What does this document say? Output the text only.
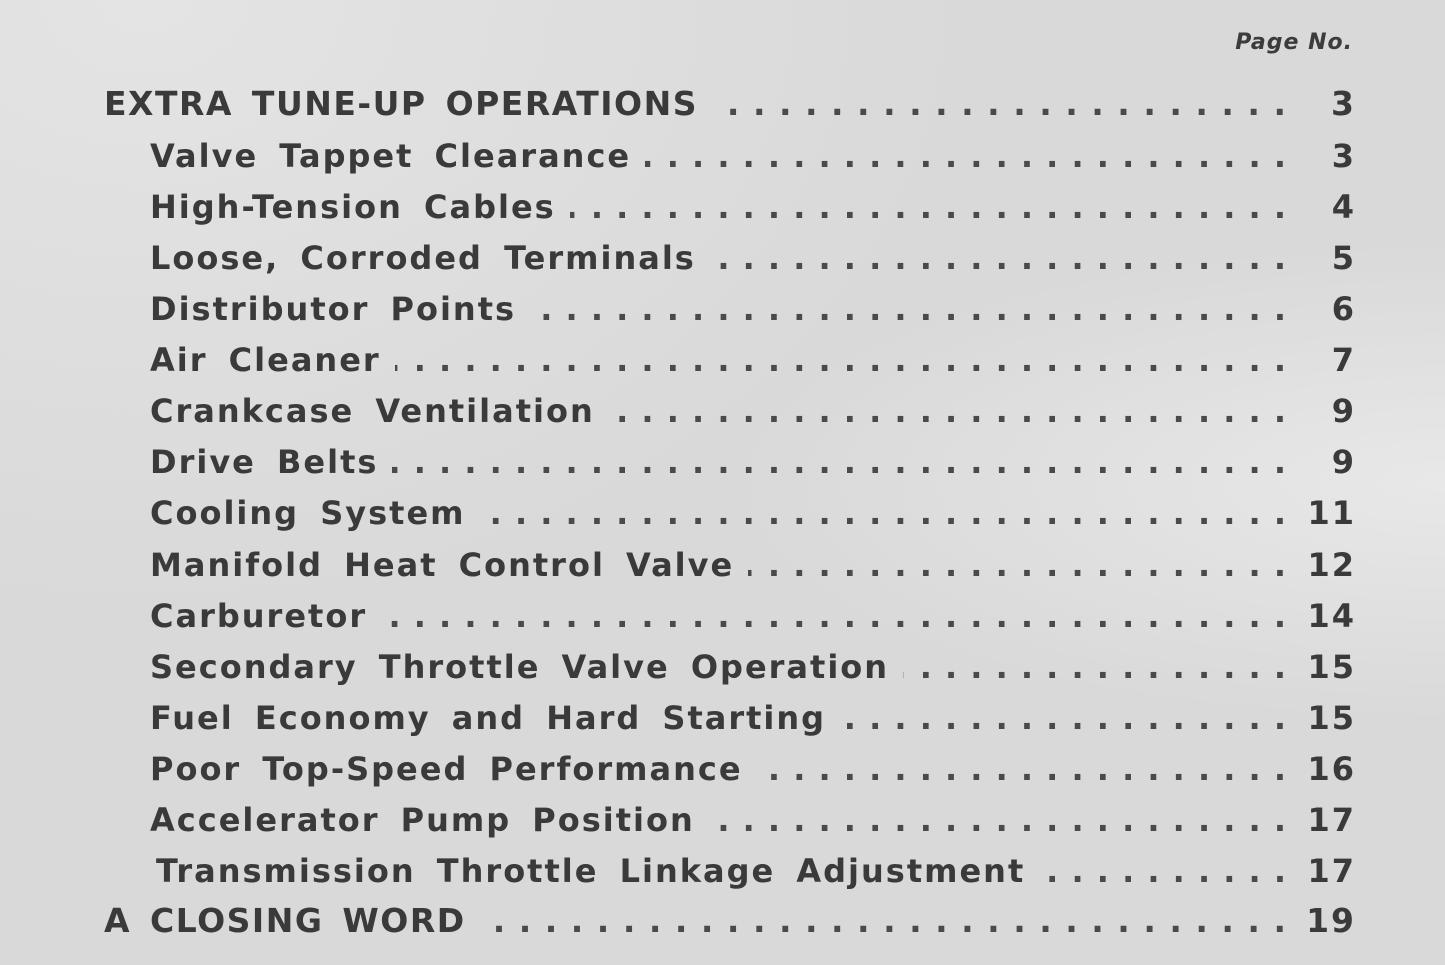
Page No.
EXTRA TUNE-UP OPERATIONS . . .	3
Valve Tappet Clearance . . .	3
High-Tension Cables . . .	4
Loose, Corroded Terminals . . .	5
Distributor Points . . .	6
Air Cleaner . . .	7
Crankcase Ventilation . . .	9
Drive Belts . . .	9
Cooling System . . .	11
Manifold Heat Control Valve . . .	12
Carburetor . . .	14
Secondary Throttle Valve Operation . . .	15
Fuel Economy and Hard Starting . . .	15
Poor Top-Speed Performance . . .	16
Accelerator Pump Position . . .	17
Transmission Throttle Linkage Adjustment . . .	17
A CLOSING WORD . . .	19
